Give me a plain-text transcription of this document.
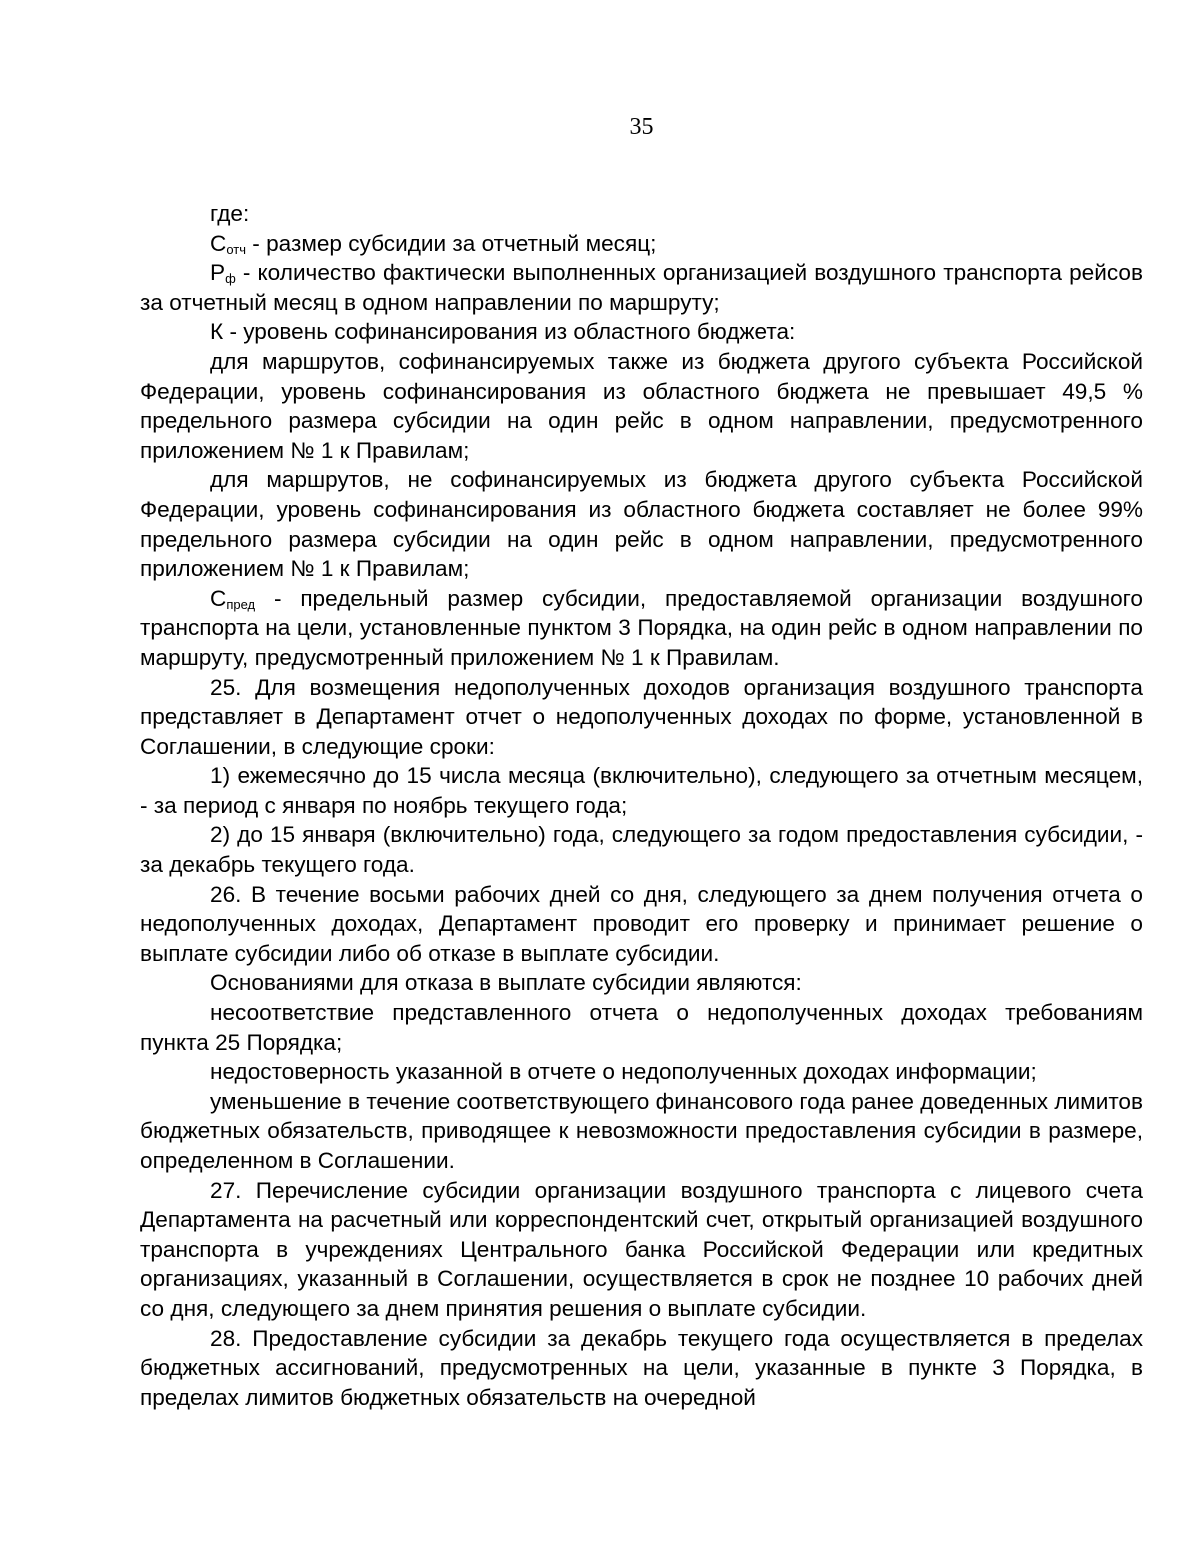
35

где:

Сотч - размер субсидии за отчетный месяц;

Рф - количество фактически выполненных организацией воздушного транспорта рейсов за отчетный месяц в одном направлении по маршруту;

К - уровень софинансирования из областного бюджета:

для маршрутов, софинансируемых также из бюджета другого субъекта Российской Федерации, уровень софинансирования из областного бюджета не превышает 49,5 % предельного размера субсидии на один рейс в одном направлении, предусмотренного приложением № 1 к Правилам;

для маршрутов, не софинансируемых из бюджета другого субъекта Российской Федерации, уровень софинансирования из областного бюджета составляет не более 99% предельного размера субсидии на один рейс в одном направлении, предусмотренного приложением № 1 к Правилам;

Спред - предельный размер субсидии, предоставляемой организации воздушного транспорта на цели, установленные пунктом 3 Порядка, на один рейс в одном направлении по маршруту, предусмотренный приложением № 1 к Правилам.

25. Для возмещения недополученных доходов организация воздушного транспорта представляет в Департамент отчет о недополученных доходах по форме, установленной в Соглашении, в следующие сроки:

1) ежемесячно до 15 числа месяца (включительно), следующего за отчетным месяцем, - за период с января по ноябрь текущего года;

2) до 15 января (включительно) года, следующего за годом предоставления субсидии, - за декабрь текущего года.

26. В течение восьми рабочих дней со дня, следующего за днем получения отчета о недополученных доходах, Департамент проводит его проверку и принимает решение о выплате субсидии либо об отказе в выплате субсидии.

Основаниями для отказа в выплате субсидии являются:

несоответствие представленного отчета о недополученных доходах требованиям пункта 25 Порядка;

недостоверность указанной в отчете о недополученных доходах информации;

уменьшение в течение соответствующего финансового года ранее доведенных лимитов бюджетных обязательств, приводящее к невозможности предоставления субсидии в размере, определенном в Соглашении.

27. Перечисление субсидии организации воздушного транспорта с лицевого счета Департамента на расчетный или корреспондентский счет, открытый организацией воздушного транспорта в учреждениях Центрального банка Российской Федерации или кредитных организациях, указанный в Соглашении, осуществляется в срок не позднее 10 рабочих дней со дня, следующего за днем принятия решения о выплате субсидии.

28. Предоставление субсидии за декабрь текущего года осуществляется в пределах бюджетных ассигнований, предусмотренных на цели, указанные в пункте 3 Порядка, в пределах лимитов бюджетных обязательств на очередной
